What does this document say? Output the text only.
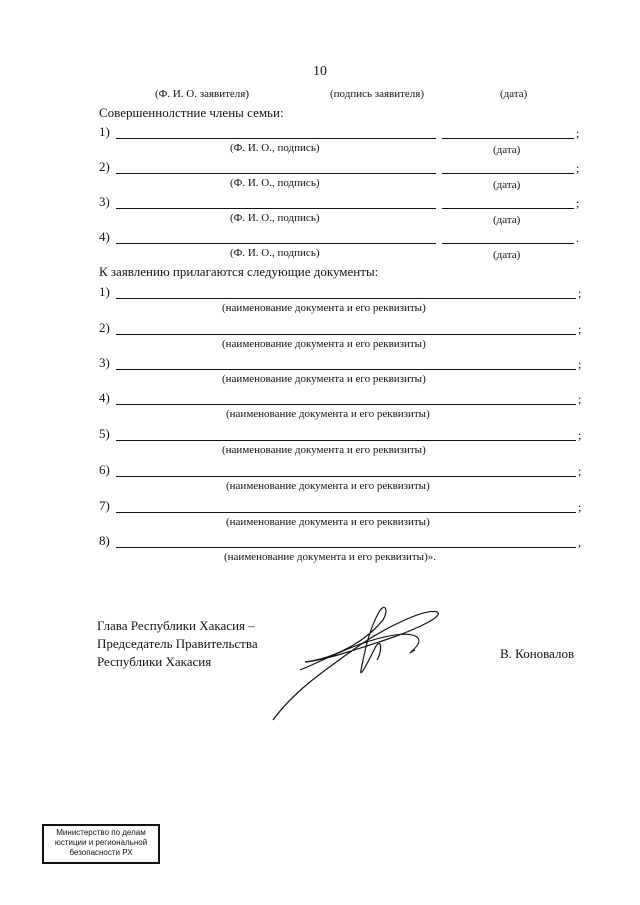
10
(Ф. И. О. заявителя)	(подпись заявителя)	(дата)
Совершеннолстние члены семьи:
1)	;
(Ф. И. О., подпись)	(дата)
2)	;
(Ф. И. О., подпись)	(дата)
3)	;
(Ф. И. О., подпись)	(дата)
4)	.
(Ф. И. О., подпись)	(дата)
К заявлению прилагаются следующие документы:
1)	;
(наименование документа и его реквизиты)
2)	;
(наименование документа и его реквизиты)
3)	;
(наименование документа и его реквизиты)
4)	;
(наименование документа и его реквизиты)
5)	;
(наименование документа и его реквизиты)
6)	;
(наименование документа и его реквизиты)
7)	;
(наименование документа и его реквизиты)
8)	,
(наименование документа и его реквизиты)».
Глава Республики Хакасия –
Председатель Правительства
Республики Хакасия
В. Коновалов
Министерство по делам
юстиции и региональной
безопасности РХ
